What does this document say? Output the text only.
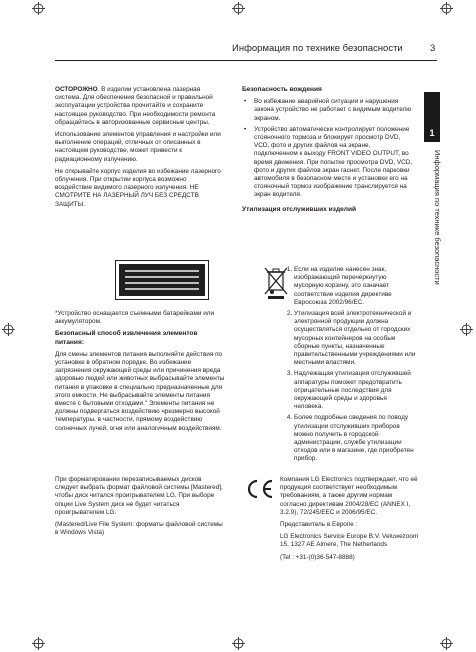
Информация по технике безопасности	3
1
Информация по технике безопасности

ОСТОРОЖНО. В изделии установлена лазерная система. Для обеспечения безопасной и правильной эксплуатации устройства прочитайте и сохраните настоящее руководство. При необходимости ремонта обращайтесь в авторизованные сервисные центры.

Использование элементов управления и настройки или выполнение операций, отличных от описанных в настоящем руководстве, может привести к радиационному излучению.

Не открывайте корпус изделия во избежание лазерного облучения. При открытии корпуса возможно воздействие видимого лазерного излучения. НЕ СМОТРИТЕ НА ЛАЗЕРНЫЙ ЛУЧ БЕЗ СРЕДСТВ ЗАЩИТЫ.

*Устройство оснащается съемными батарейками или аккумулятором.

Безопасный способ извлечения элементов питания:

Для смены элементов питания выполняйте действия по установке в обратном порядке. Во избежание загрязнения окружающей среды или причинения вреда здоровью людей или животных выбрасывайте элементы питания в упаковке в специально предназначенные для этого емкости. Не выбрасывайте элементы питания вместе с бытовыми отходами." Элементы питания не должны подвергаться воздействию чрезмерно высокой температуры, в частности, прямому воздействию солнечных лучей, огня или аналогичным воздействиям.

При форматировании перезаписываемых дисков следует выбрать формат файловой системы [Mastered], чтобы диск читался проигрывателем LG. При выборе опции Live System диск не будет читаться проигрывателем LG.

(Mastered/Live File System: форматы файловой системы в Windows Vista)

Безопасность вождения

• Во избежание аварийной ситуации и нарушения закона устройство не работает с видимым водителю экраном.
• Устройство автоматически контролирует положение стояночного тормоза и блокирует просмотр DVD, VCD, фото и других файлов на экране, подключенном к выходу FRONT VIDEO OUTPUT, во время движения. При попытке просмотра DVD, VCD, фото и других файлов экран гаснет. После парковки автомобиля в безопасном месте и установки его на стояночный тормоз изображение транслируется на экран водителя.

Утилизация отслуживших изделий

1. Если на изделие нанесен знак, изображающий перечеркнутую мусорную корзину, это означает соответствие изделия директиве Евросоюза 2002/96/EC.
2. Утилизация всей электротехнической и электронной продукции должна осуществляться отдельно от городских мусорных контейнеров на особые сборные пункты, назначенные правительственными учреждениями или местными властями.
3. Надлежащая утилизация отслужившей аппаратуры поможет предотвратить отрицательные последствия для окружающей среды и здоровья человека.
4. Более подробные сведения по поводу утилизации отслуживших приборов можно получить в городской администрации, службе утилизации отходов или в магазине, где приобретен прибор.

Компания LG Electronics подтверждает, что её продукция соответствует необходимым требованиям, а также другим нормам согласно директивам 2004/28/EC (ANNEX I, 3.2.9), 72/245/EEC и 2006/95/EC.

Представитель в Европе :

LG Electronics Service Europe B.V. Veluwezoom 15, 1327 AE Almere, The Netherlands

(Tel : +31-(0)36-547-8888)
